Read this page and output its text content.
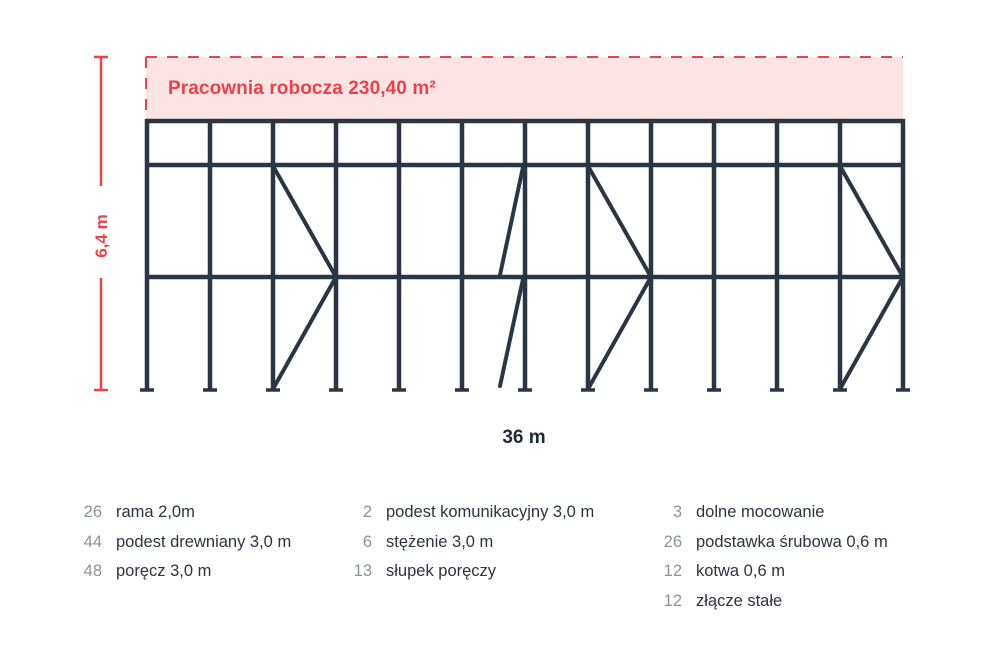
Pracownia robocza 230,40 m²
6,4 m
36 m
26 rama 2,0m
44 podest drewniany 3,0 m
48 poręcz 3,0 m
2 podest komunikacyjny 3,0 m
6 stężenie 3,0 m
13 słupek poręczy
3 dolne mocowanie
26 podstawka śrubowa 0,6 m
12 kotwa 0,6 m
12 złącze stałe
